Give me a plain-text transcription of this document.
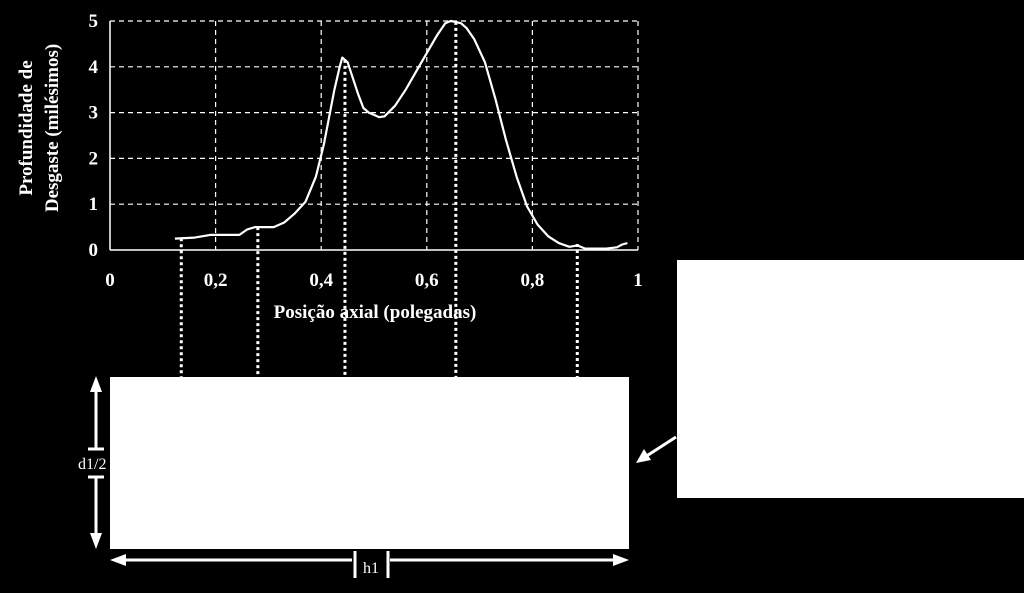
0
1
2
3
4
5
0	0,2	0,4	0,6	0,8	1
Profundidade de Desgaste (milésimos)
Posição axial (polegadas)
d1/2
h1
